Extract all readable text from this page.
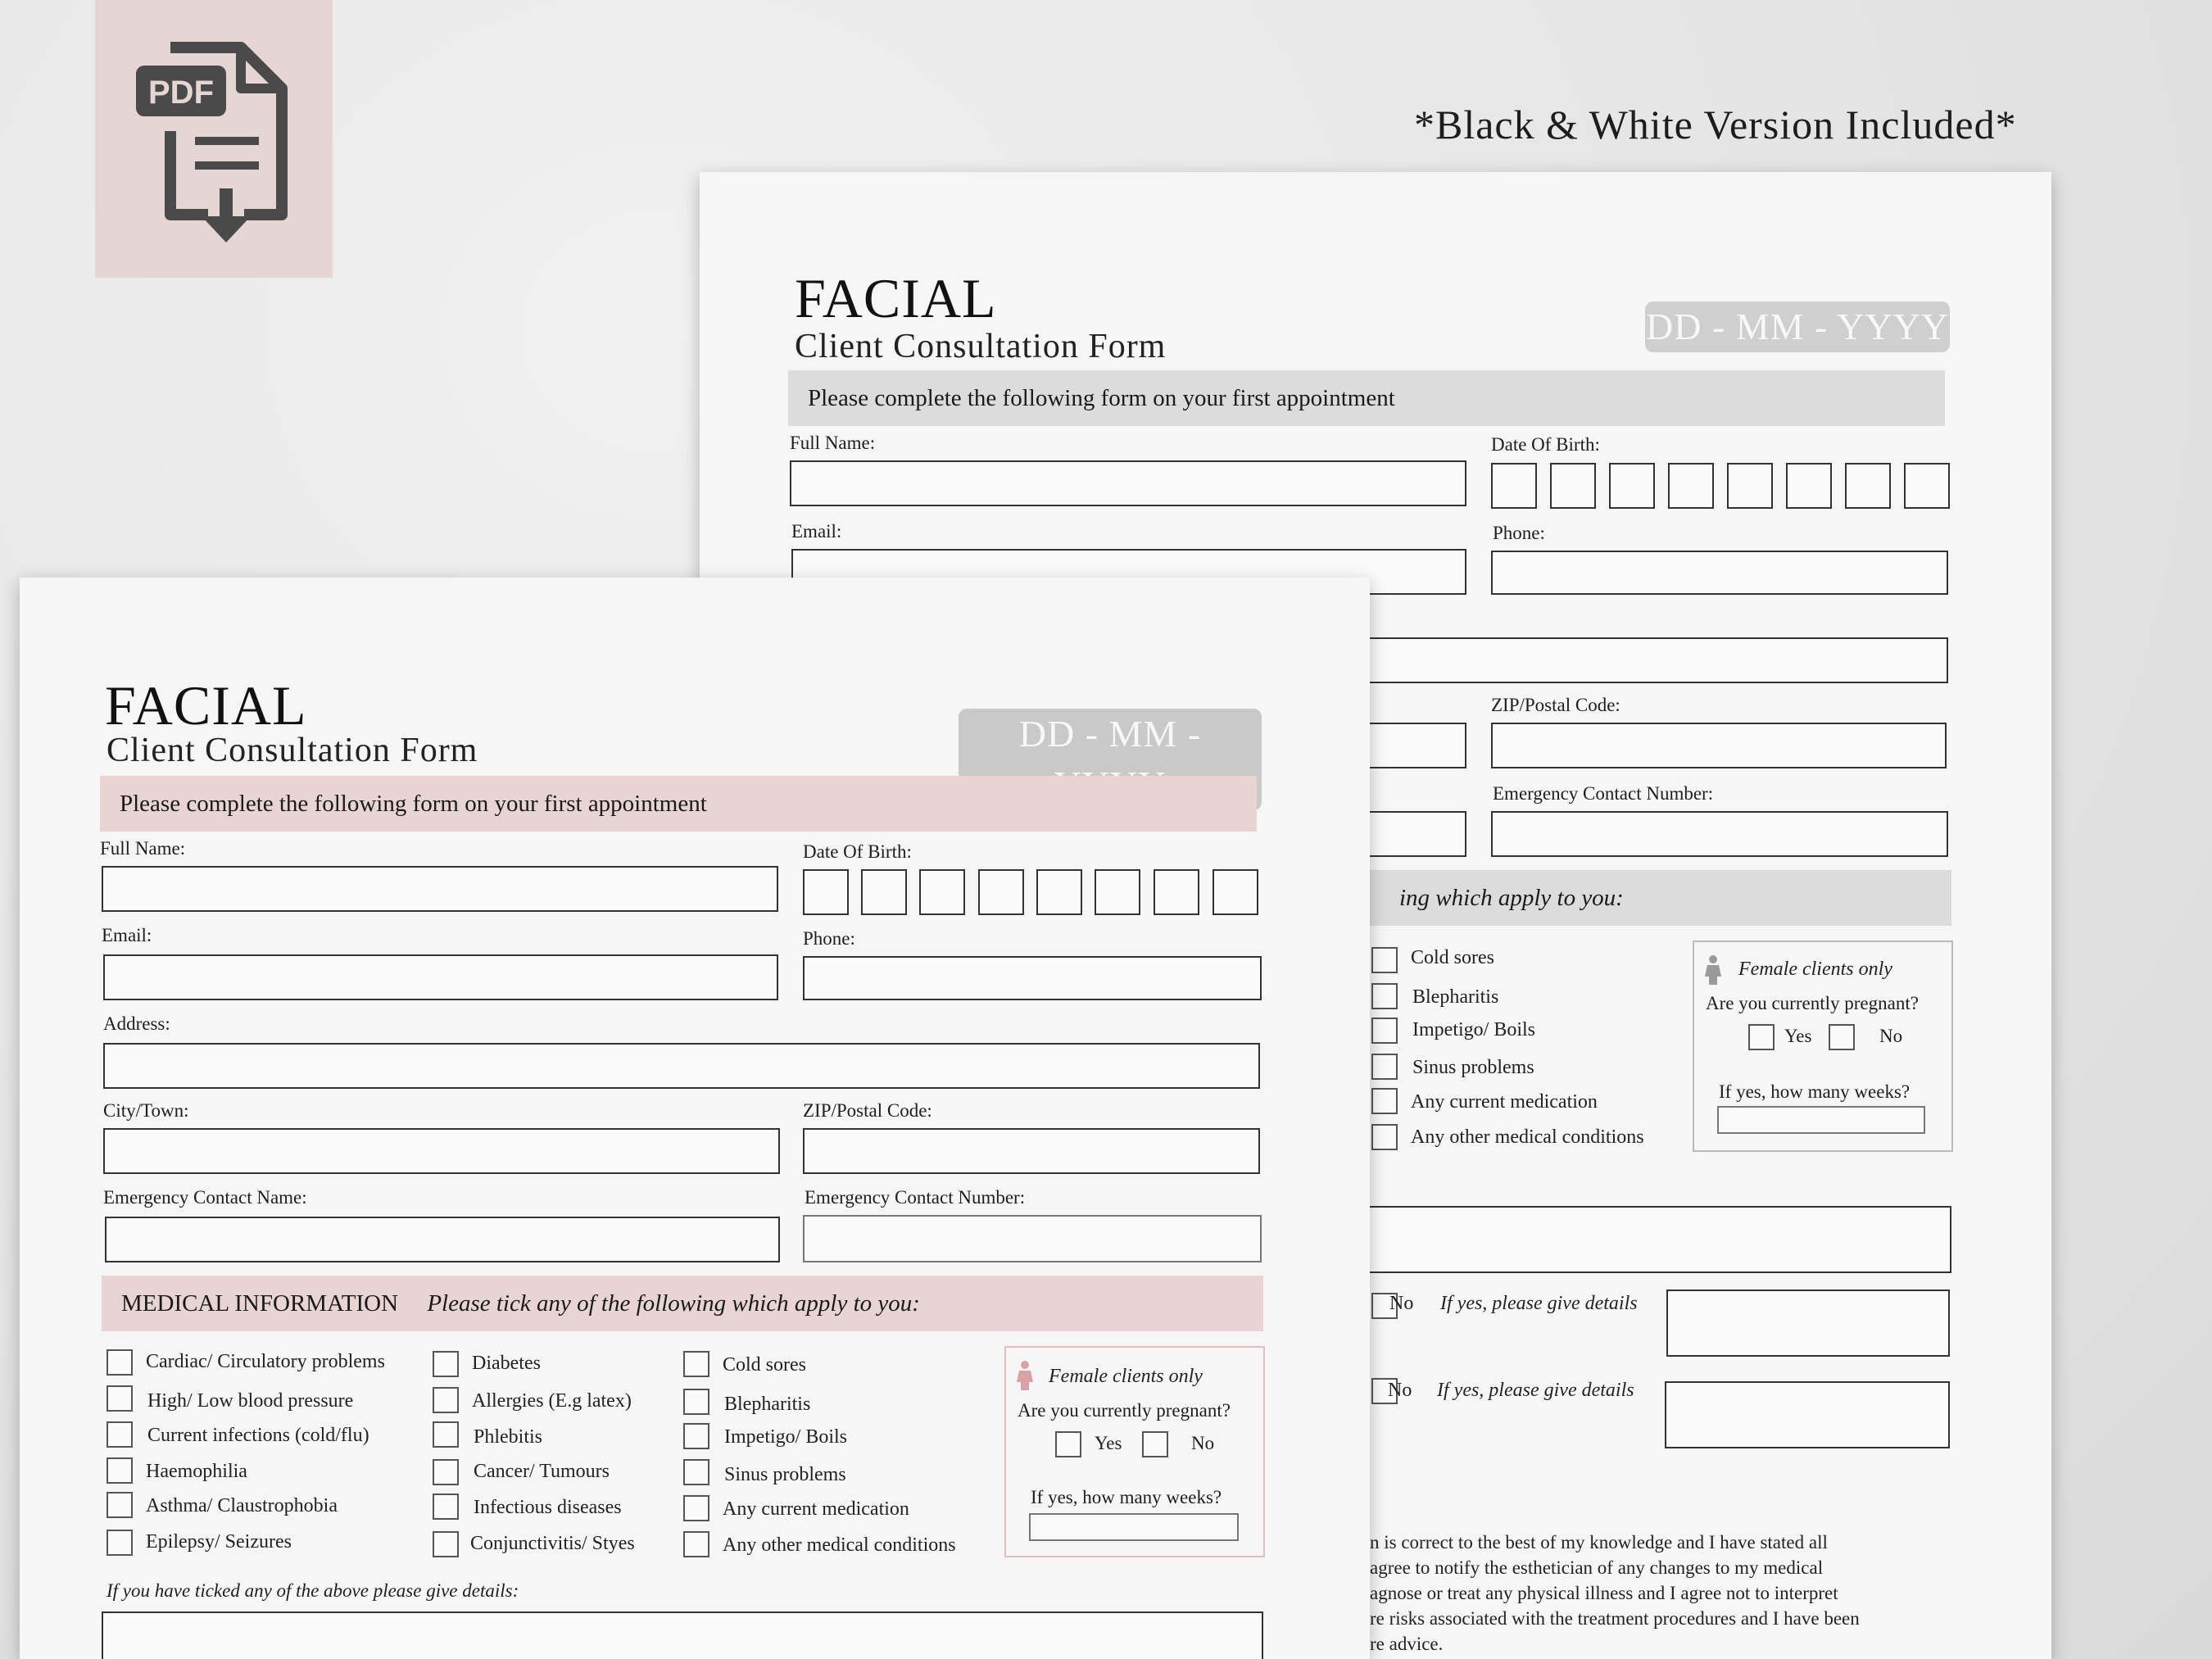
PDF
*Black & White Version Included*
FACIAL
Client Consultation Form	DD - MM - YYYY
Please complete the following form on your first appointment
Full Name:	Date Of Birth:
Email:	Phone:
ZIP/Postal Code:
Emergency Contact Number:
ing which apply to you:
Cold sores
Blepharitis
Impetigo/ Boils
Sinus problems
Any current medication
Any other medical conditions
Female clients only
Are you currently pregnant?
Yes	No
If yes, how many weeks?
No If yes, please give details
No If yes, please give details
n is correct to the best of my knowledge and I have stated all
agree to notify the esthetician of any changes to my medical
agnose or treat any physical illness and I agree not to interpret
re risks associated with the treatment procedures and I have been
re advice.
FACIAL
Client Consultation Form	DD - MM -
Please complete the following form on your first appointment
Full Name:	Date Of Birth:
Email:	Phone:
Address:
City/Town:	ZIP/Postal Code:
Emergency Contact Name:	Emergency Contact Number:
MEDICAL INFORMATION Please tick any of the following which apply to you:
Cardiac/ Circulatory problems
High/ Low blood pressure
Current infections (cold/flu)
Haemophilia
Asthma/ Claustrophobia
Epilepsy/ Seizures
Diabetes
Allergies (E.g latex)
Phlebitis
Cancer/ Tumours
Infectious diseases
Conjunctivitis/ Styes
Cold sores
Blepharitis
Impetigo/ Boils
Sinus problems
Any current medication
Any other medical conditions
Female clients only
Are you currently pregnant?
Yes	No
If yes, how many weeks?
If you have ticked any of the above please give details:
